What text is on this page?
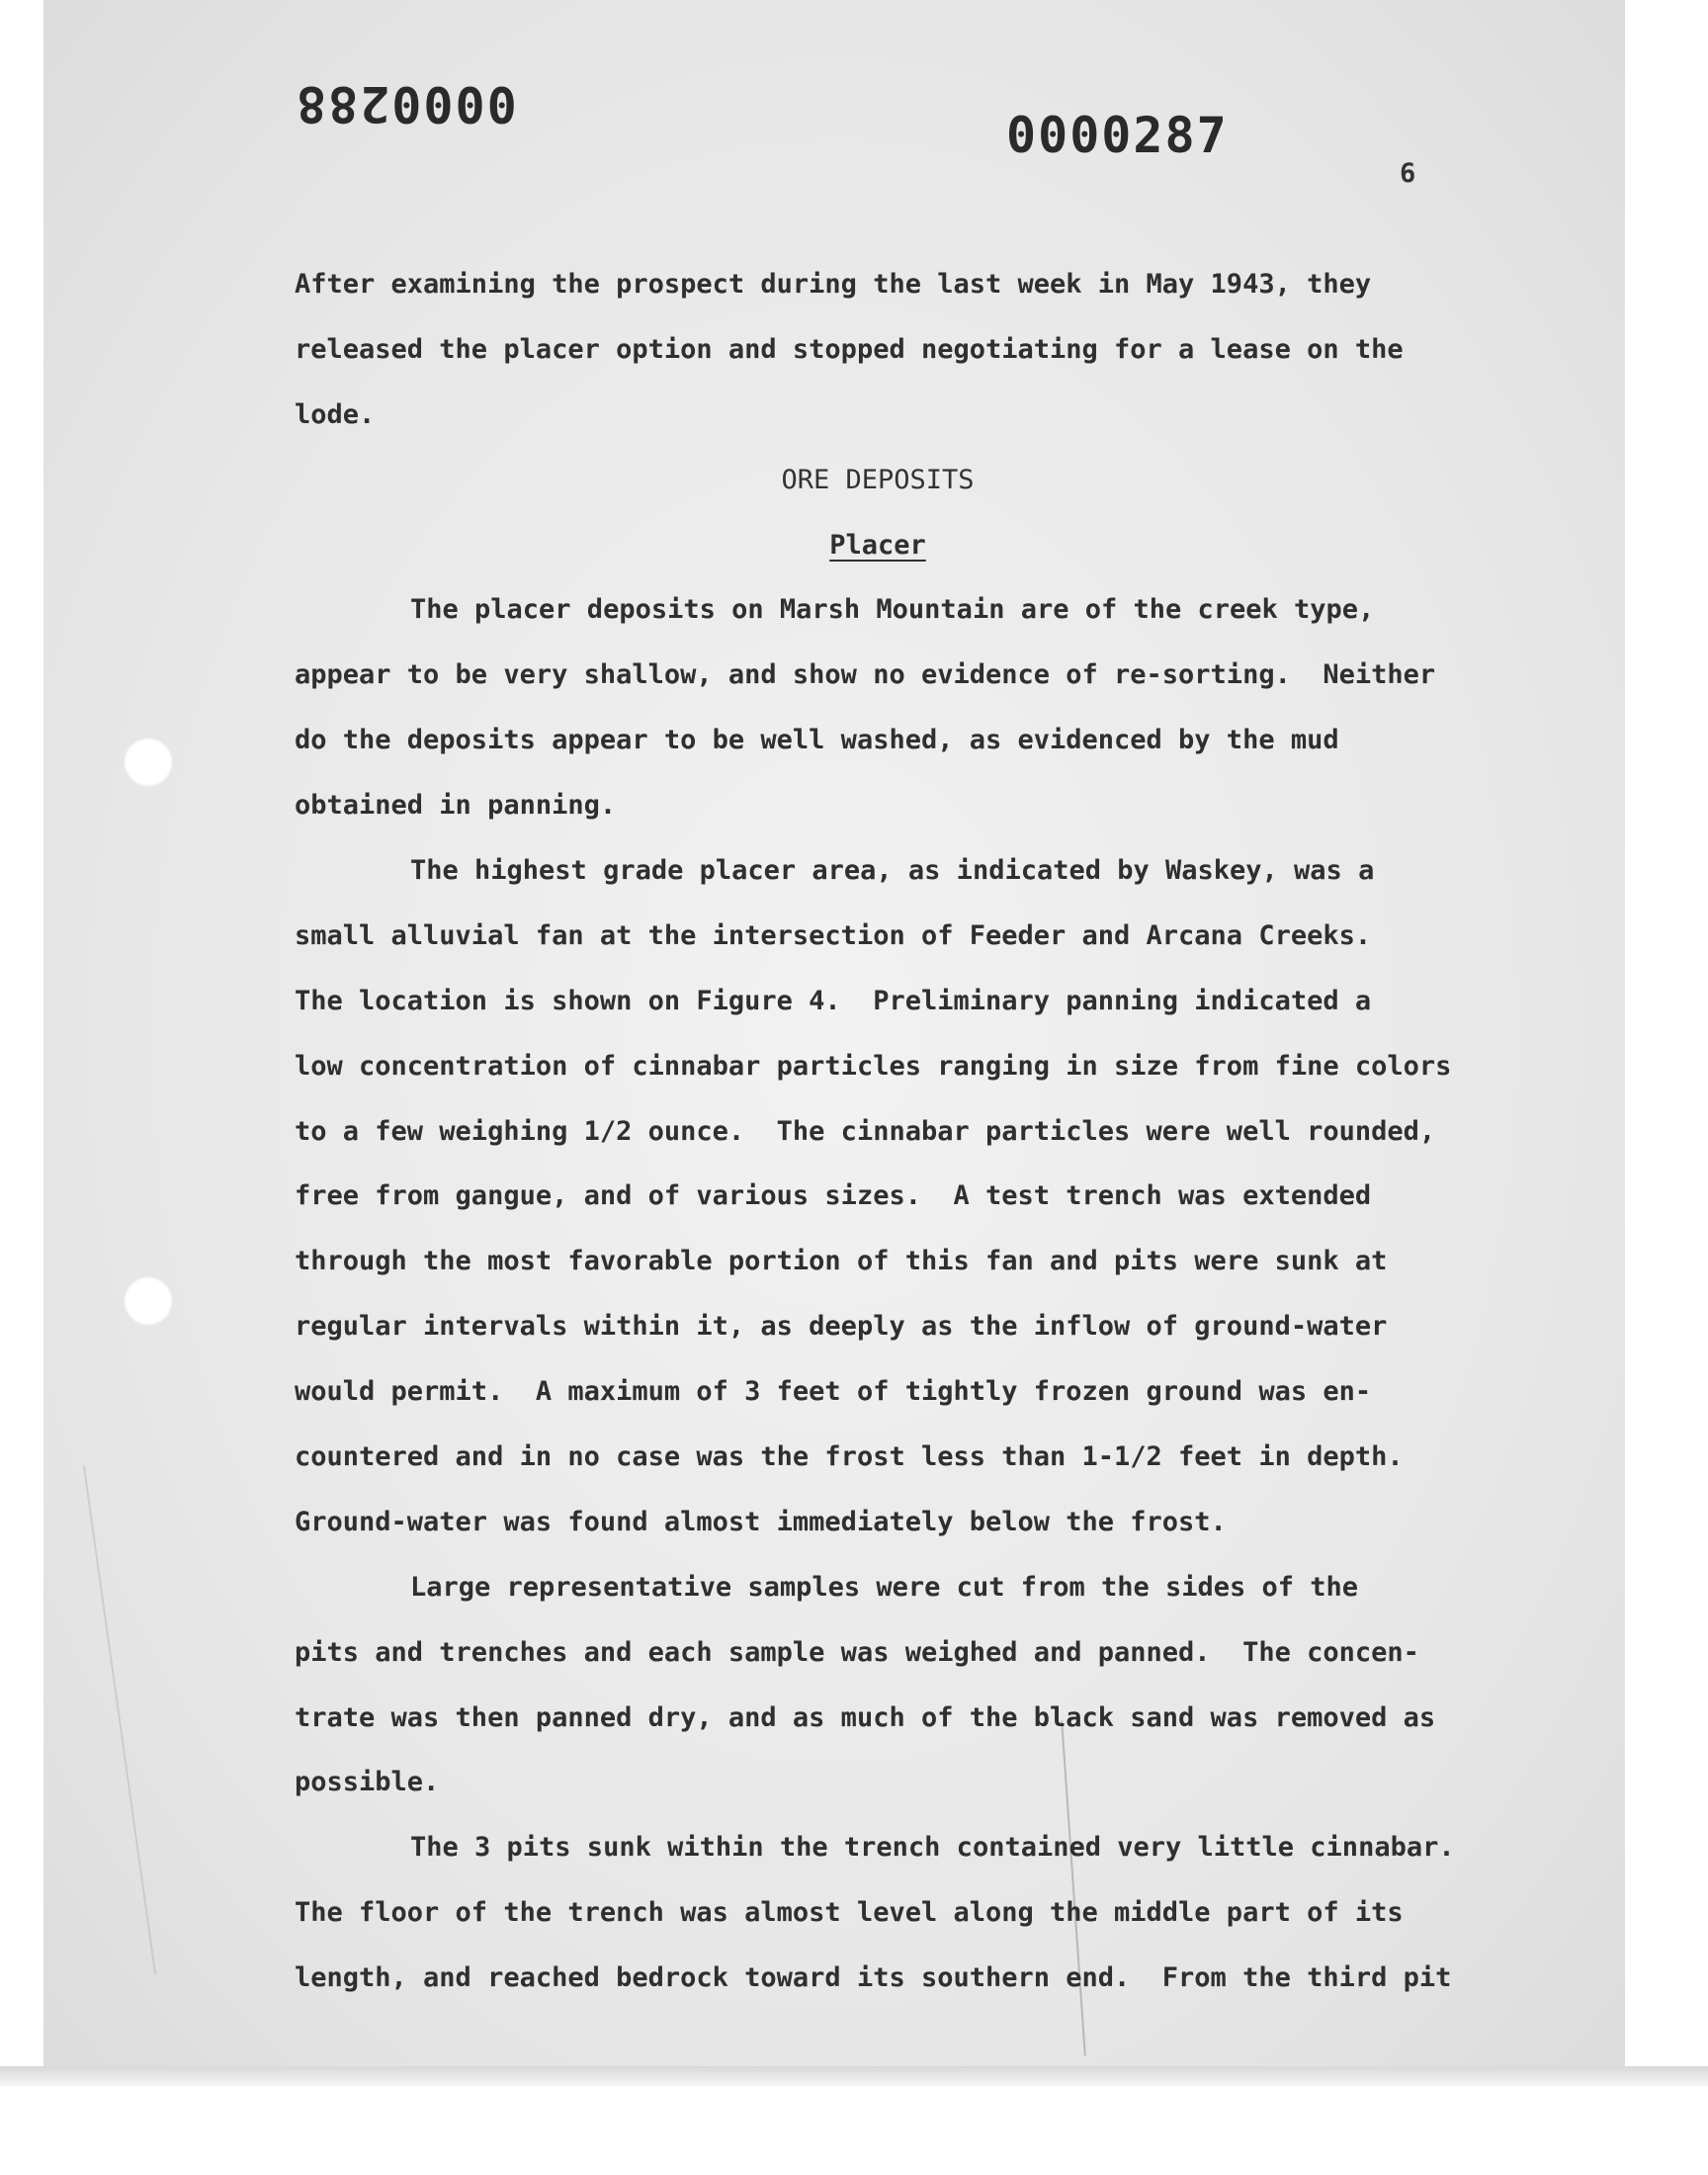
0000288
0000287
6
After examining the prospect during the last week in May 1943, they
released the placer option and stopped negotiating for a lease on the
lode.
ORE DEPOSITS
Placer
The placer deposits on Marsh Mountain are of the creek type,
appear to be very shallow, and show no evidence of re-sorting.  Neither
do the deposits appear to be well washed, as evidenced by the mud
obtained in panning.
The highest grade placer area, as indicated by Waskey, was a
small alluvial fan at the intersection of Feeder and Arcana Creeks.
The location is shown on Figure 4.  Preliminary panning indicated a
low concentration of cinnabar particles ranging in size from fine colors
to a few weighing 1/2 ounce.  The cinnabar particles were well rounded,
free from gangue, and of various sizes.  A test trench was extended
through the most favorable portion of this fan and pits were sunk at
regular intervals within it, as deeply as the inflow of ground-water
would permit.  A maximum of 3 feet of tightly frozen ground was en-
countered and in no case was the frost less than 1-1/2 feet in depth.
Ground-water was found almost immediately below the frost.
Large representative samples were cut from the sides of the
pits and trenches and each sample was weighed and panned.  The concen-
trate was then panned dry, and as much of the black sand was removed as
possible.
The 3 pits sunk within the trench contained very little cinnabar.
The floor of the trench was almost level along the middle part of its
length, and reached bedrock toward its southern end.  From the third pit
